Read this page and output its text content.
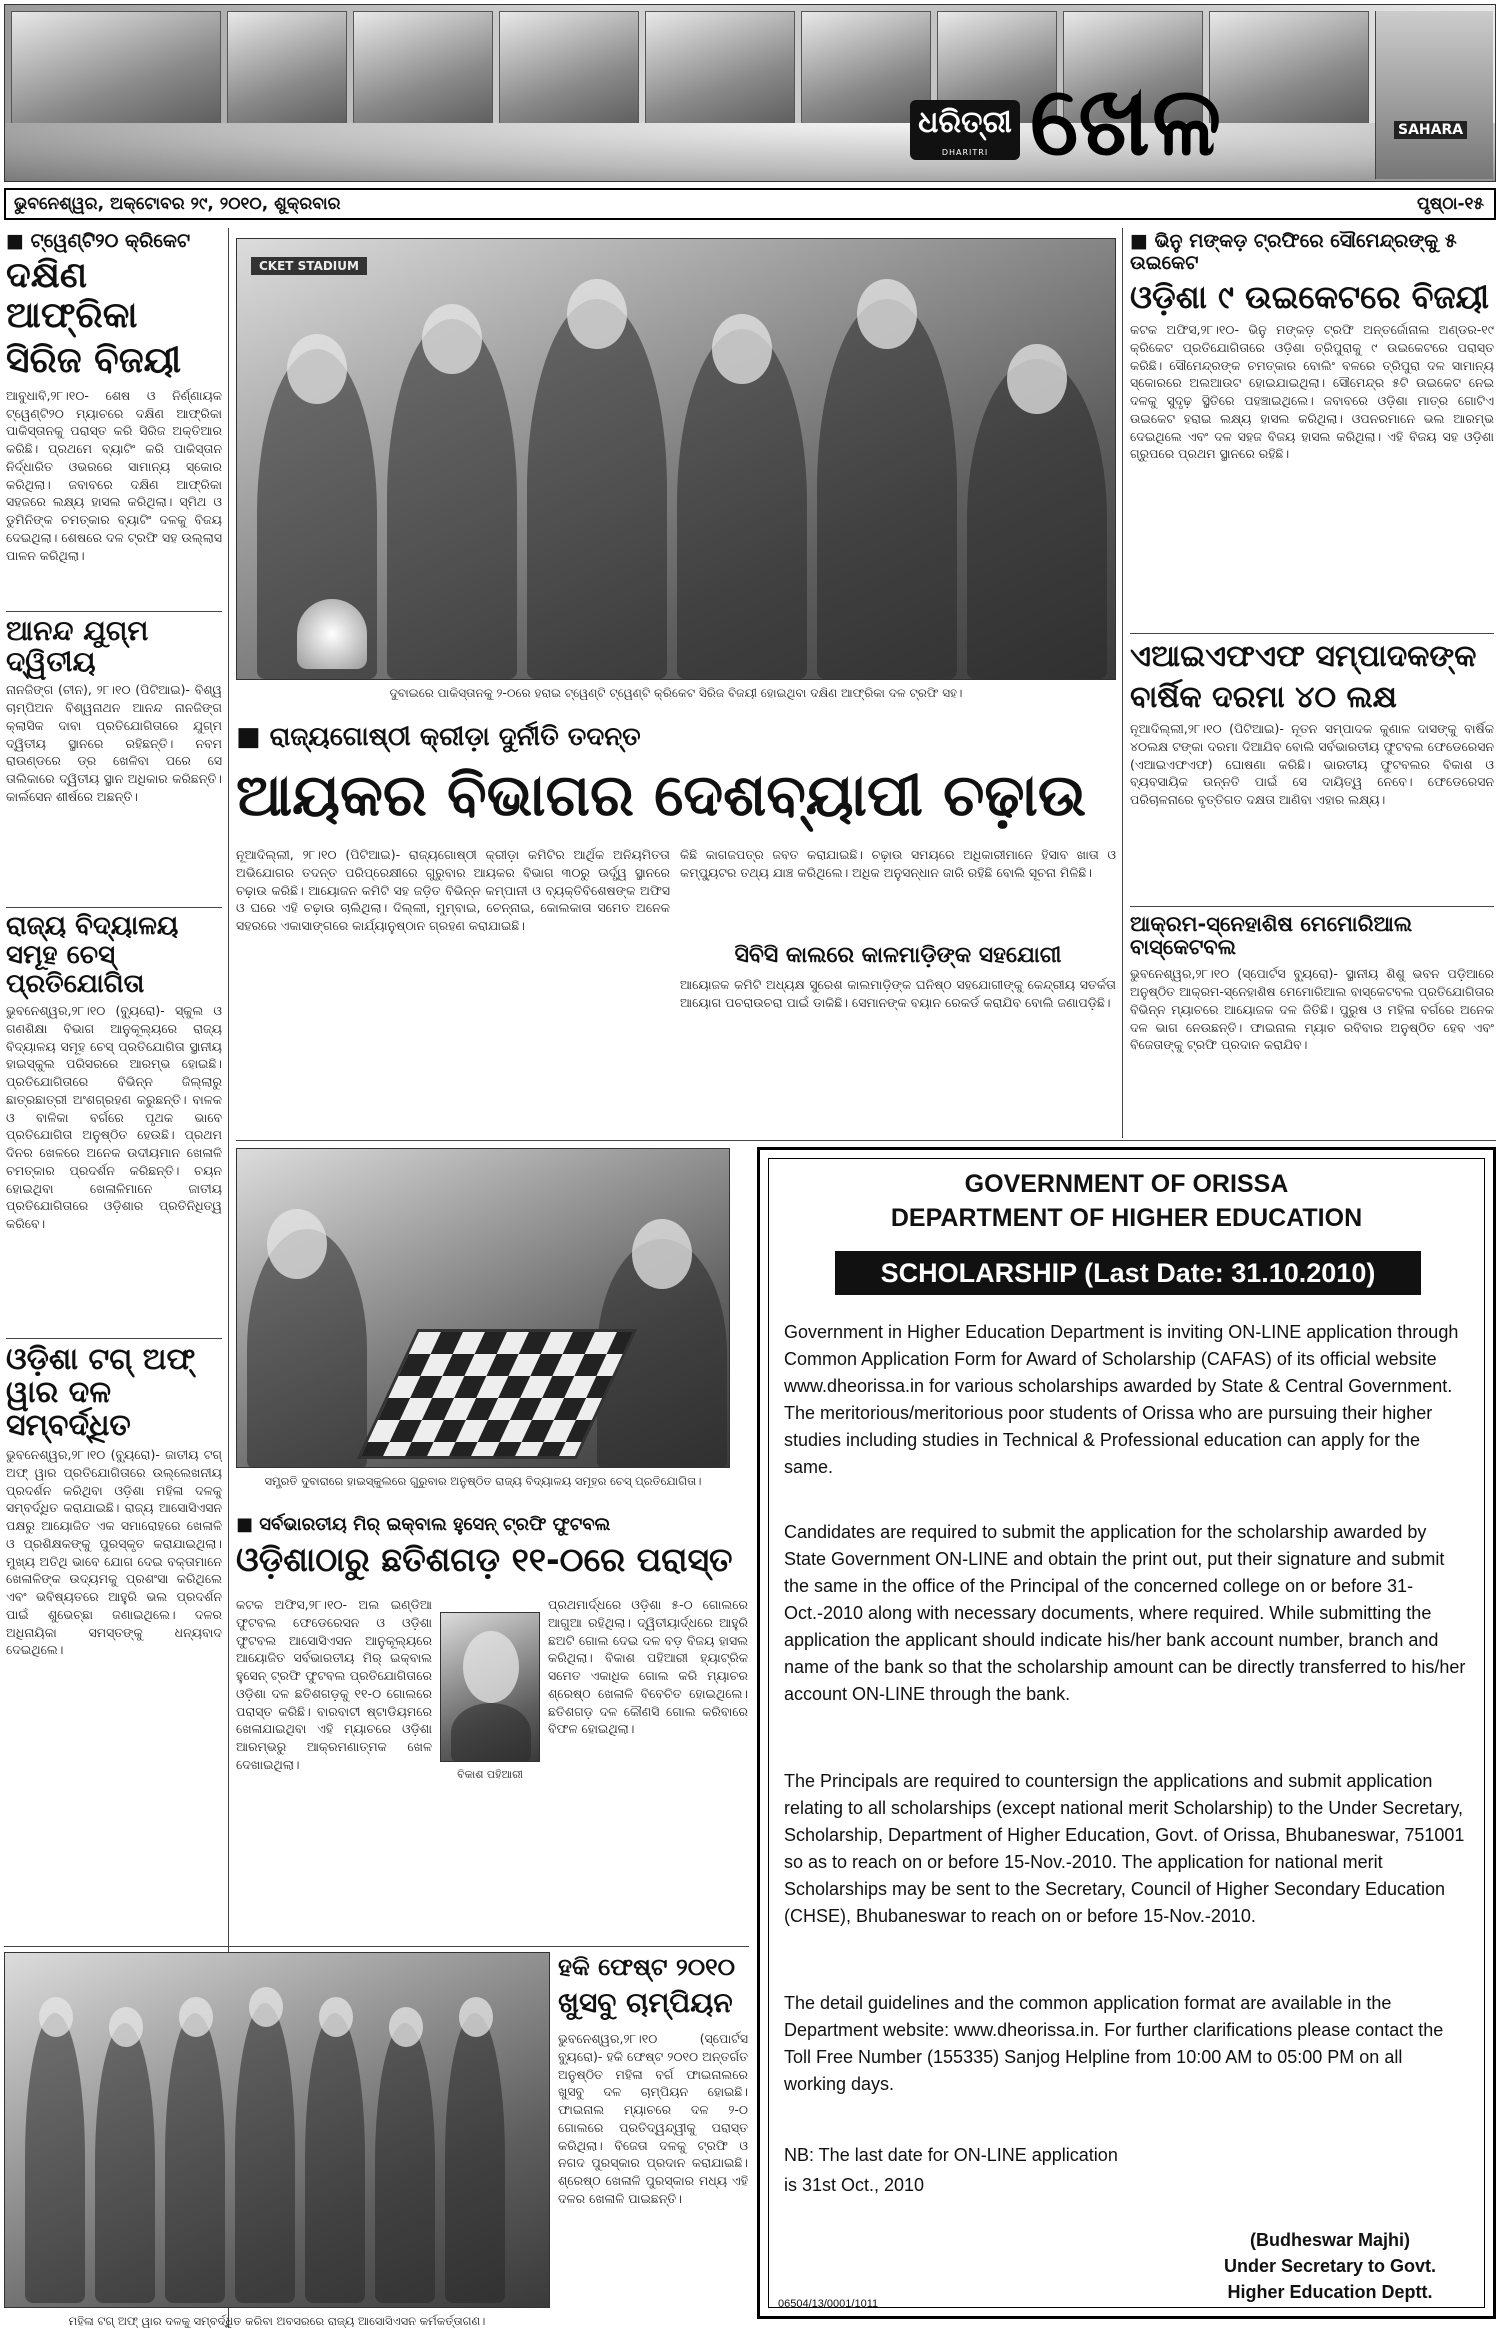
ଧରିତ୍ରୀ
DHARITRI ଖେଳ	SAHARA
ଭୁବନେଶ୍ୱର, ଅକ୍ଟୋବର ୨୯, ୨୦୧୦, ଶୁକ୍ରବାର	ପୃଷ୍ଠା-୧୫
■ ଟ୍ୱେଣ୍ଟି୨୦ କ୍ରିକେଟ
ଦକ୍ଷିଣ ଆଫ୍ରିକା
ସିରିଜ ବିଜୟୀ
ଆବୁଧାବି,୨୮।୧୦- ଶେଷ ଓ ନିର୍ଣ୍ଣାୟକ ଟ୍ୱେଣ୍ଟି୨୦ ମ୍ୟାଚରେ ଦକ୍ଷିଣ ଆଫ୍ରିକା ପାକିସ୍ତାନକୁ ପରାସ୍ତ କରି ସିରିଜ ଅକ୍ତିଆର କରିଛି। ପ୍ରଥମେ ବ୍ୟାଟିଂ କରି ପାକିସ୍ତାନ ନିର୍ଦ୍ଧାରିତ ଓଭରରେ ସାମାନ୍ୟ ସ୍କୋର କରିଥିଲା। ଜବାବରେ ଦକ୍ଷିଣ ଆଫ୍ରିକା ସହଜରେ ଲକ୍ଷ୍ୟ ହାସଲ କରିଥିଲା। ସ୍ମିଥ ଓ ଡୁମିନିଙ୍କ ଚମତ୍କାର ବ୍ୟାଟିଂ ଦଳକୁ ବିଜୟ ଦେଇଥିଲା। ଶେଷରେ ଦଳ ଟ୍ରଫି ସହ ଉଲ୍ଲାସ ପାଳନ କରିଥିଲା।
ଆନନ୍ଦ ଯୁଗ୍ମ ଦ୍ୱିତୀୟ
ନାନଜିଙ୍ଗ (ଚୀନ), ୨୮।୧୦ (ପିଟିଆଇ)- ବିଶ୍ୱ ଚାମ୍ପିଅନ ବିଶ୍ୱନାଥନ ଆନନ୍ଦ ନାନଜିଙ୍ଗ କ୍ଲାସିକ ଦାବା ପ୍ରତିଯୋଗିତାରେ ଯୁଗ୍ମ ଦ୍ୱିତୀୟ ସ୍ଥାନରେ ରହିଛନ୍ତି। ନବମ ରାଉଣ୍ଡରେ ଡ୍ର ଖେଳିବା ପରେ ସେ ତାଲିକାରେ ଦ୍ୱିତୀୟ ସ୍ଥାନ ଅଧିକାର କରିଛନ୍ତି। କାର୍ଲସେନ ଶୀର୍ଷରେ ଅଛନ୍ତି।
ରାଜ୍ୟ ବିଦ୍ୟାଳୟ ସମୂହ ଚେସ୍ ପ୍ରତିଯୋଗିତା
ଭୁବନେଶ୍ୱର,୨୮।୧୦ (ବ୍ୟୁରୋ)- ସ୍କୁଲ ଓ ଗଣଶିକ୍ଷା ବିଭାଗ ଆନୁକୂଲ୍ୟରେ ରାଜ୍ୟ ବିଦ୍ୟାଳୟ ସମୂହ ଚେସ୍ ପ୍ରତିଯୋଗିତା ସ୍ଥାନୀୟ ହାଇସ୍କୁଲ ପରିସରରେ ଆରମ୍ଭ ହୋଇଛି। ପ୍ରତିଯୋଗିତାରେ ବିଭିନ୍ନ ଜିଲ୍ଲାରୁ ଛାତ୍ରଛାତ୍ରୀ ଅଂଶଗ୍ରହଣ କରୁଛନ୍ତି। ବାଳକ ଓ ବାଳିକା ବର୍ଗରେ ପୃଥକ ଭାବେ ପ୍ରତିଯୋଗିତା ଅନୁଷ୍ଠିତ ହେଉଛି। ପ୍ରଥମ ଦିନର ଖେଳରେ ଅନେକ ଉଦୀୟମାନ ଖେଳାଳି ଚମତ୍କାର ପ୍ରଦର୍ଶନ କରିଛନ୍ତି। ଚୟନ ହୋଇଥିବା ଖେଳାଳିମାନେ ଜାତୀୟ ପ୍ରତିଯୋଗିତାରେ ଓଡ଼ିଶାର ପ୍ରତିନିଧିତ୍ୱ କରିବେ।
ଓଡ଼ିଶା ଟଗ୍ ଅଫ୍ ୱାର ଦଳ ସମ୍ବର୍ଦ୍ଧିତ
ଭୁବନେଶ୍ୱର,୨୮।୧୦ (ବ୍ୟୁରୋ)- ଜାତୀୟ ଟଗ୍ ଅଫ୍ ୱାର ପ୍ରତିଯୋଗିତାରେ ଉଲ୍ଲେଖନୀୟ ପ୍ରଦର୍ଶନ କରିଥିବା ଓଡ଼ିଶା ମହିଳା ଦଳକୁ ସମ୍ବର୍ଦ୍ଧିତ କରାଯାଇଛି। ରାଜ୍ୟ ଆସୋସିଏସନ ପକ୍ଷରୁ ଆୟୋଜିତ ଏକ ସମାରୋହରେ ଖେଳାଳି ଓ ପ୍ରଶିକ୍ଷକଙ୍କୁ ପୁରସ୍କୃତ କରାଯାଇଥିଲା। ମୁଖ୍ୟ ଅତିଥି ଭାବେ ଯୋଗ ଦେଇ ବକ୍ତାମାନେ ଖେଳାଳିଙ୍କ ଉଦ୍ୟମକୁ ପ୍ରଶଂସା କରିଥିଲେ ଏବଂ ଭବିଷ୍ୟତରେ ଆହୁରି ଭଲ ପ୍ରଦର୍ଶନ ପାଇଁ ଶୁଭେଚ୍ଛା ଜଣାଇଥିଲେ। ଦଳର ଅଧିନାୟିକା ସମସ୍ତଙ୍କୁ ଧନ୍ୟବାଦ ଦେଇଥିଲେ।
CKET STADIUM
ଦୁବାଇରେ ପାକିସ୍ତାନକୁ ୨-୦ରେ ହରାଇ ଟ୍ୱେଣ୍ଟି ଟ୍ୱେଣ୍ଟି କ୍ରିକେଟ ସିରିଜ ବିଜୟୀ ହୋଇଥିବା ଦକ୍ଷିଣ ଆଫ୍ରିକା ଦଳ ଟ୍ରଫି ସହ।
■ ରାଜ୍ୟଗୋଷ୍ଠୀ କ୍ରୀଡ଼ା ଦୁର୍ନୀତି ତଦନ୍ତ
ଆୟକର ବିଭାଗର ଦେଶବ୍ୟାପୀ ଚଢ଼ାଉ
ନୂଆଦିଲ୍ଲୀ, ୨୮।୧୦ (ପିଟିଆଇ)- ରାଜ୍ୟଗୋଷ୍ଠୀ କ୍ରୀଡ଼ା କମିଟିର ଆର୍ଥିକ ଅନିୟମିତତା ଅଭିଯୋଗର ତଦନ୍ତ ପରିପ୍ରେକ୍ଷୀରେ ଗୁରୁବାର ଆୟକର ବିଭାଗ ୩୦ରୁ ଊର୍ଦ୍ଧ୍ୱ ସ୍ଥାନରେ ଚଢ଼ାଉ କରିଛି। ଆୟୋଜନ କମିଟି ସହ ଜଡ଼ିତ ବିଭିନ୍ନ କମ୍ପାନୀ ଓ ବ୍ୟକ୍ତିବିଶେଷଙ୍କ ଅଫିସ ଓ ଘରେ ଏହି ଚଢ଼ାଉ ଚାଲିଥିଲା। ଦିଲ୍ଲୀ, ମୁମ୍ବାଇ, ଚେନ୍ନାଇ, କୋଲକାତା ସମେତ ଅନେକ ସହରରେ ଏକାସାଙ୍ଗରେ କାର୍ଯ୍ୟାନୁଷ୍ଠାନ ଗ୍ରହଣ କରାଯାଇଛି।
କିଛି କାଗଜପତ୍ର ଜବତ କରାଯାଇଛି। ଚଢ଼ାଉ ସମୟରେ ଅଧିକାରୀମାନେ ହିସାବ ଖାତା ଓ କମ୍ପ୍ୟୁଟର ତଥ୍ୟ ଯାଞ୍ଚ କରିଥିଲେ। ଅଧିକ ଅନୁସନ୍ଧାନ ଜାରି ରହିଛି ବୋଲି ସୂଚନା ମିଳିଛି।
ସିବିସି କାଲରେ କାଳମାଡ଼ିଙ୍କ ସହଯୋଗୀ
ଆୟୋଜକ କମିଟି ଅଧ୍ୟକ୍ଷ ସୁରେଶ କାଲମାଡ଼ିଙ୍କ ଘନିଷ୍ଠ ସହଯୋଗୀଙ୍କୁ କେନ୍ଦ୍ରୀୟ ସତର୍କତା ଆୟୋଗ ପଚରାଉଚରା ପାଇଁ ଡାକିଛି। ସେମାନଙ୍କ ବୟାନ ରେକର୍ଡ କରାଯିବ ବୋଲି ଜଣାପଡ଼ିଛି।
■ ଭିନୁ ମଙ୍କଡ଼ ଟ୍ରଫିରେ ସୌମେନ୍ଦ୍ରଙ୍କୁ ୫ ଉଇକେଟ
ଓଡ଼ିଶା ୯ ଉଇକେଟରେ ବିଜୟୀ
କଟକ ଅଫିସ,୨୮।୧୦- ଭିନୁ ମଙ୍କଡ଼ ଟ୍ରଫି ଅନ୍ତର୍ଜୋନାଲ ଅଣ୍ଡର-୧୯ କ୍ରିକେଟ ପ୍ରତିଯୋଗିତାରେ ଓଡ଼ିଶା ତ୍ରିପୁରାକୁ ୯ ଉଇକେଟରେ ପରାସ୍ତ କରିଛି। ସୌମେନ୍ଦ୍ରଙ୍କ ଚମତ୍କାର ବୋଲିଂ ବଳରେ ତ୍ରିପୁରା ଦଳ ସାମାନ୍ୟ ସ୍କୋରରେ ଅଲଆଉଟ ହୋଇଯାଇଥିଲା। ସୌମେନ୍ଦ୍ର ୫ଟି ଉଇକେଟ ନେଇ ଦଳକୁ ସୁଦୃଢ଼ ସ୍ଥିତିରେ ପହଞ୍ଚାଇଥିଲେ। ଜବାବରେ ଓଡ଼ିଶା ମାତ୍ର ଗୋଟିଏ ଉଇକେଟ ହରାଇ ଲକ୍ଷ୍ୟ ହାସଲ କରିଥିଲା। ଓପନରମାନେ ଭଲ ଆରମ୍ଭ ଦେଇଥିଲେ ଏବଂ ଦଳ ସହଜ ବିଜୟ ହାସଲ କରିଥିଲା। ଏହି ବିଜୟ ସହ ଓଡ଼ିଶା ଗ୍ରୁପରେ ପ୍ରଥମ ସ୍ଥାନରେ ରହିଛି।
ଏଆଇଏଫଏଫ ସମ୍ପାଦକଙ୍କ
ବାର୍ଷିକ ଦରମା ୪୦ ଲକ୍ଷ
ନୂଆଦିଲ୍ଲୀ,୨୮।୧୦ (ପିଟିଆଇ)- ନୂତନ ସମ୍ପାଦକ କୁଣାଳ ଦାସଙ୍କୁ ବାର୍ଷିକ ୪୦ଲକ୍ଷ ଟଙ୍କା ଦରମା ଦିଆଯିବ ବୋଲି ସର୍ବଭାରତୀୟ ଫୁଟବଲ ଫେଡେରେସନ (ଏଆଇଏଫଏଫ) ଘୋଷଣା କରିଛି। ଭାରତୀୟ ଫୁଟବଲର ବିକାଶ ଓ ବ୍ୟବସାୟିକ ଉନ୍ନତି ପାଇଁ ସେ ଦାୟିତ୍ୱ ନେବେ। ଫେଡେରେସନ ପରିଚାଳନାରେ ବୃତ୍ତିଗତ ଦକ୍ଷତା ଆଣିବା ଏହାର ଲକ୍ଷ୍ୟ।
ଆକ୍ରମ-ସ୍ନେହାଶିଷ ମେମୋରିଆଲ ବାସ୍କେଟବଲ
ଭୁବନେଶ୍ୱର,୨୮।୧୦ (ସ୍ପୋର୍ଟସ ବ୍ୟୁରୋ)- ସ୍ଥାନୀୟ ଶିଶୁ ଭବନ ପଡ଼ିଆରେ ଅନୁଷ୍ଠିତ ଆକ୍ରମ-ସ୍ନେହାଶିଷ ମେମୋରିଆଲ ବାସ୍କେଟବଲ ପ୍ରତିଯୋଗିତାର ବିଭିନ୍ନ ମ୍ୟାଚରେ ଆୟୋଜକ ଦଳ ଜିତିଛି। ପୁରୁଷ ଓ ମହିଳା ବର୍ଗରେ ଅନେକ ଦଳ ଭାଗ ନେଉଛନ୍ତି। ଫାଇନାଲ ମ୍ୟାଚ ରବିବାର ଅନୁଷ୍ଠିତ ହେବ ଏବଂ ବିଜେତାଙ୍କୁ ଟ୍ରଫି ପ୍ରଦାନ କରାଯିବ।
ସମ୍ପ୍ରତି ଦୁବାରାରେ ହାଇସ୍କୁଲରେ ଗୁରୁବାର ଅନୁଷ୍ଠିତ ରାଜ୍ୟ ବିଦ୍ୟାଳୟ ସମୂହର ଚେସ୍ ପ୍ରତିଯୋଗିତା।
■ ସର୍ବଭାରତୀୟ ମିର୍ ଇକ୍‌ବାଲ ହୁସେନ୍ ଟ୍ରଫି ଫୁଟବଲ
ଓଡ଼ିଶାଠାରୁ ଛତିଶଗଡ଼ ୧୧-୦ରେ ପରାସ୍ତ
କଟକ ଅଫିସ,୨୮।୧୦- ଅଲ ଇଣ୍ଡିଆ ଫୁଟବଲ ଫେଡେରେସନ ଓ ଓଡ଼ିଶା ଫୁଟବଲ ଆସୋସିଏସନ ଆନୁକୂଲ୍ୟରେ ଆୟୋଜିତ ସର୍ବଭାରତୀୟ ମିର୍ ଇକ୍‌ବାଲ ହୁସେନ୍ ଟ୍ରଫି ଫୁଟବଲ ପ୍ରତିଯୋଗିତାରେ ଓଡ଼ିଶା ଦଳ ଛତିଶଗଡ଼କୁ ୧୧-୦ ଗୋଲରେ ପରାସ୍ତ କରିଛି। ବାରବାଟୀ ଷ୍ଟାଡିୟମରେ ଖେଳାଯାଇଥିବା ଏହି ମ୍ୟାଚରେ ଓଡ଼ିଶା ଆରମ୍ଭରୁ ଆକ୍ରମଣାତ୍ମକ ଖେଳ ଦେଖାଇଥିଲା।
ବିକାଶ ପହିଆରୀ
ପ୍ରଥମାର୍ଦ୍ଧରେ ଓଡ଼ିଶା ୫-୦ ଗୋଲରେ ଆଗୁଆ ରହିଥିଲା। ଦ୍ୱିତୀୟାର୍ଦ୍ଧରେ ଆହୁରି ଛଅଟି ଗୋଲ ଦେଇ ଦଳ ବଡ଼ ବିଜୟ ହାସଲ କରିଥିଲା। ବିକାଶ ପହିଆରୀ ହ୍ୟାଟ୍ରିକ ସମେତ ଏକାଧିକ ଗୋଲ କରି ମ୍ୟାଚର ଶ୍ରେଷ୍ଠ ଖେଳାଳି ବିବେଚିତ ହୋଇଥିଲେ। ଛତିଶଗଡ଼ ଦଳ କୌଣସି ଗୋଲ କରିବାରେ ବିଫଳ ହୋଇଥିଲା।
ମହିଳା ଟଗ୍ ଅଫ୍ ୱାର ଦଳକୁ ସମ୍ବର୍ଦ୍ଧିତ କରିବା ଅବସରରେ ରାଜ୍ୟ ଆସୋସିଏସନ କର୍ମକର୍ତ୍ତାଗଣ।
ହକି ଫେଷ୍ଟ ୨୦୧୦
ଖୁସବୁ ଚାମ୍ପିୟନ
ଭୁବନେଶ୍ୱର,୨୮।୧୦ (ସ୍ପୋର୍ଟସ ବ୍ୟୁରୋ)- ହକି ଫେଷ୍ଟ ୨୦୧୦ ଅନ୍ତର୍ଗତ ଅନୁଷ୍ଠିତ ମହିଳା ବର୍ଗ ଫାଇନାଲରେ ଖୁସବୁ ଦଳ ଚାମ୍ପିୟନ ହୋଇଛି। ଫାଇନାଲ ମ୍ୟାଚରେ ଦଳ ୨-୦ ଗୋଲରେ ପ୍ରତିଦ୍ୱନ୍ଦ୍ୱୀକୁ ପରାସ୍ତ କରିଥିଲା। ବିଜେତା ଦଳକୁ ଟ୍ରଫି ଓ ନଗଦ ପୁରସ୍କାର ପ୍ରଦାନ କରାଯାଇଛି। ଶ୍ରେଷ୍ଠ ଖେଳାଳି ପୁରସ୍କାର ମଧ୍ୟ ଏହି ଦଳର ଖେଳାଳି ପାଇଛନ୍ତି।
GOVERNMENT OF ORISSA
DEPARTMENT OF HIGHER EDUCATION
SCHOLARSHIP (Last Date: 31.10.2010)

Government in Higher Education Department is inviting ON-LINE application through Common Application Form for Award of Scholarship (CAFAS) of its official website www.dheorissa.in for various scholarships awarded by State & Central Government. The meritorious/meritorious poor students of Orissa who are pursuing their higher studies including studies in Technical & Professional education can apply for the same.

Candidates are required to submit the application for the scholarship awarded by State Government ON-LINE and obtain the print out, put their signature and submit the same in the office of the Principal of the concerned college on or before 31-Oct.-2010 along with necessary documents, where required. While submitting the application the applicant should indicate his/her bank account number, branch and name of the bank so that the scholarship amount can be directly transferred to his/her account ON-LINE through the bank.

The Principals are required to countersign the applications and submit application relating to all scholarships (except national merit Scholarship) to the Under Secretary, Scholarship, Department of Higher Education, Govt. of Orissa, Bhubaneswar, 751001 so as to reach on or before 15-Nov.-2010. The application for national merit Scholarships may be sent to the Secretary, Council of Higher Secondary Education (CHSE), Bhubaneswar to reach on or before 15-Nov.-2010.

The detail guidelines and the common application format are available in the Department website: www.dheorissa.in. For further clarifications please contact the Toll Free Number (155335) Sanjog Helpline from 10:00 AM to 05:00 PM on all working days.

NB: The last date for ON-LINE application

is 31st Oct., 2010

(Budheswar Majhi)
Under Secretary to Govt.
Higher Education Deptt.
06504/13/0001/1011
